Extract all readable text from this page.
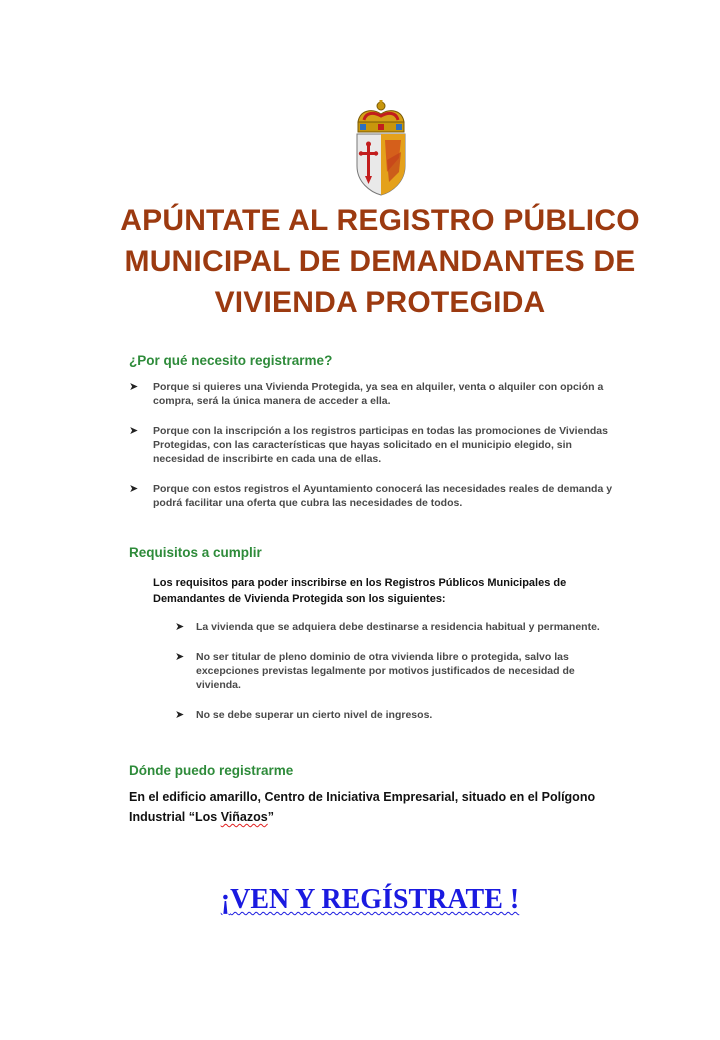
APÚNTATE AL REGISTRO PÚBLICO
MUNICIPAL DE DEMANDANTES DE
VIVIENDA PROTEGIDA
¿Por qué necesito registrarme?
➤	Porque si quieres una Vivienda Protegida, ya sea en alquiler, venta o alquiler con opción a compra, será la única manera de acceder a ella.
➤	Porque con la inscripción a los registros participas en todas las promociones de Viviendas Protegidas, con las características que hayas solicitado en el municipio elegido, sin necesidad de inscribirte en cada una de ellas.
➤	Porque con estos registros el Ayuntamiento conocerá las necesidades reales de demanda y podrá facilitar una oferta que cubra las necesidades de todos.
Requisitos a cumplir
Los requisitos para poder inscribirse en los Registros Públicos Municipales de Demandantes de Vivienda Protegida son los siguientes:
➤	La vivienda que se adquiera debe destinarse a residencia habitual y permanente.
➤	No ser titular de pleno dominio de otra vivienda libre o protegida, salvo las excepciones previstas legalmente por motivos justificados de necesidad de vivienda.
➤	No se debe superar un cierto nivel de ingresos.
Dónde puedo registrarme
En el edificio amarillo, Centro de Iniciativa Empresarial, situado en el Polígono Industrial “Los Viñazos”
¡VEN Y REGÍSTRATE !
